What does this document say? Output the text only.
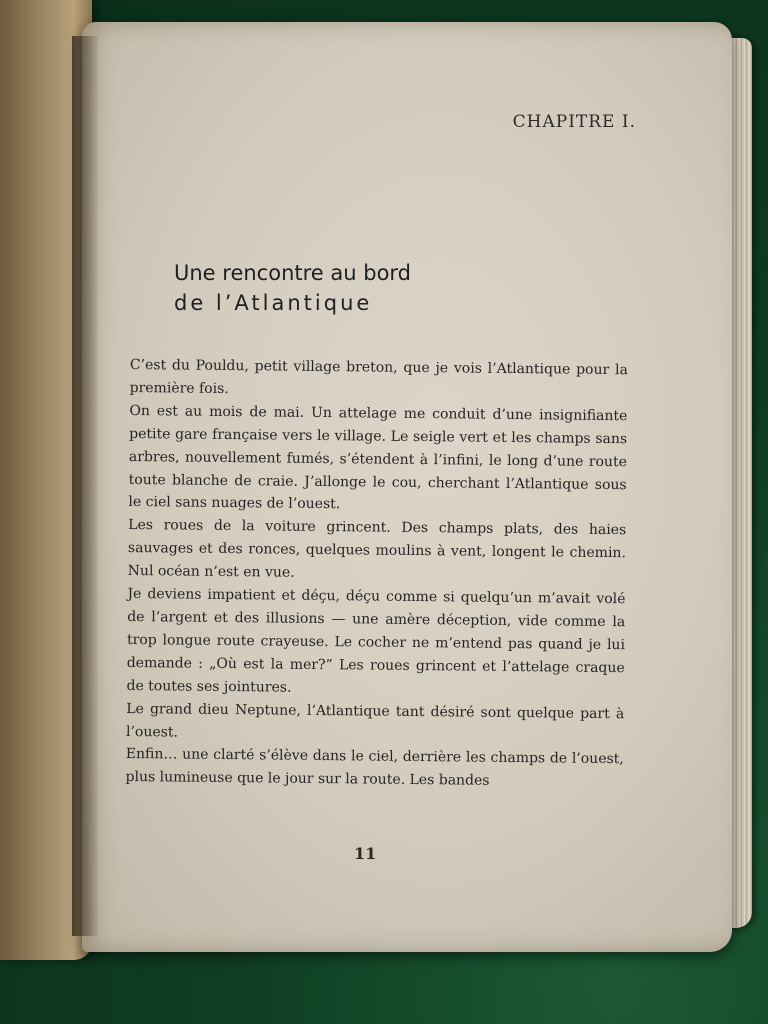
CHAPITRE I.
Une rencontre au bord
de l’Atlantique

C’est du Pouldu, petit village breton, que je vois l’Atlantique pour la première fois.

On est au mois de mai. Un attelage me conduit d’une insignifiante petite gare française vers le village. Le seigle vert et les champs sans arbres, nouvellement fumés, s’étendent à l’infini, le long d’une route toute blanche de craie. J’allonge le cou, cherchant l’Atlantique sous le ciel sans nuages de l’ouest.

Les roues de la voiture grincent. Des champs plats, des haies sauvages et des ronces, quelques moulins à vent, longent le chemin. Nul océan n’est en vue.

Je deviens impatient et déçu, déçu comme si quelqu’un m’avait volé de l’argent et des illusions — une amère déception, vide comme la trop longue route crayeuse. Le cocher ne m’entend pas quand je lui demande : „Où est la mer?” Les roues grincent et l’attelage craque de toutes ses jointures.

Le grand dieu Neptune, l’Atlantique tant désiré sont quelque part à l’ouest.

Enfin… une clarté s’élève dans le ciel, derrière les champs de l’ouest, plus lumineuse que le jour sur la route. Les bandes

11
